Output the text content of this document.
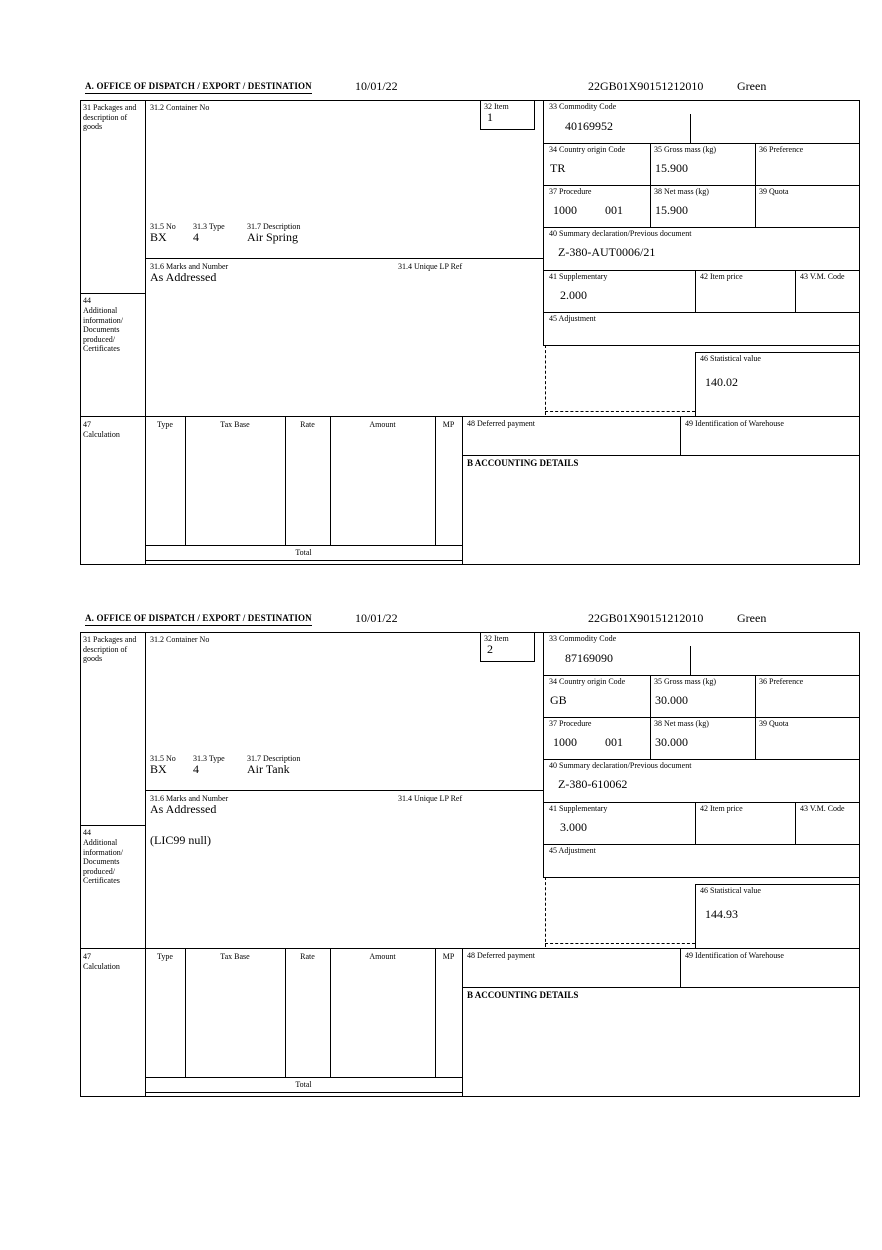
A. OFFICE OF DISPATCH / EXPORT / DESTINATION	10/01/22	22GB01X90151212010	Green
31 Packages and description of goods
44
Additional information/ Documents produced/ Certificates
47
Calculation
31.2 Container No	32 Item
1
31.5 No 31.3 Type	31.7 Description
BX 4	Air Spring
31.6 Marks and Number	31.4 Unique LP Ref
As Addressed
33 Commodity Code
40169952
34 Country origin Code	35 Gross mass (kg)	36 Preference
TR	15.900
37 Procedure	38 Net mass (kg)	39 Quota
1000 001	15.900
40 Summary declaration/Previous document
Z-380-AUT0006/21
41 Supplementary	42 Item price	43 V.M. Code
2.000
45 Adjustment
46 Statistical value
140.02
Type	Tax Base	Rate	Amount	MP
Total
48 Deferred payment	49 Identification of Warehouse
B ACCOUNTING DETAILS
A. OFFICE OF DISPATCH / EXPORT / DESTINATION	10/01/22	22GB01X90151212010	Green
31 Packages and description of goods
44
Additional information/ Documents produced/ Certificates
47
Calculation
31.2 Container No	32 Item
2
31.5 No 31.3 Type	31.7 Description
BX 4	Air Tank
31.6 Marks and Number	31.4 Unique LP Ref
As Addressed
(LIC99 null)
33 Commodity Code
87169090
34 Country origin Code	35 Gross mass (kg)	36 Preference
GB	30.000
37 Procedure	38 Net mass (kg)	39 Quota
1000 001	30.000
40 Summary declaration/Previous document
Z-380-610062
41 Supplementary	42 Item price	43 V.M. Code
3.000
45 Adjustment
46 Statistical value
144.93
Type	Tax Base	Rate	Amount	MP
Total
48 Deferred payment	49 Identification of Warehouse
B ACCOUNTING DETAILS
